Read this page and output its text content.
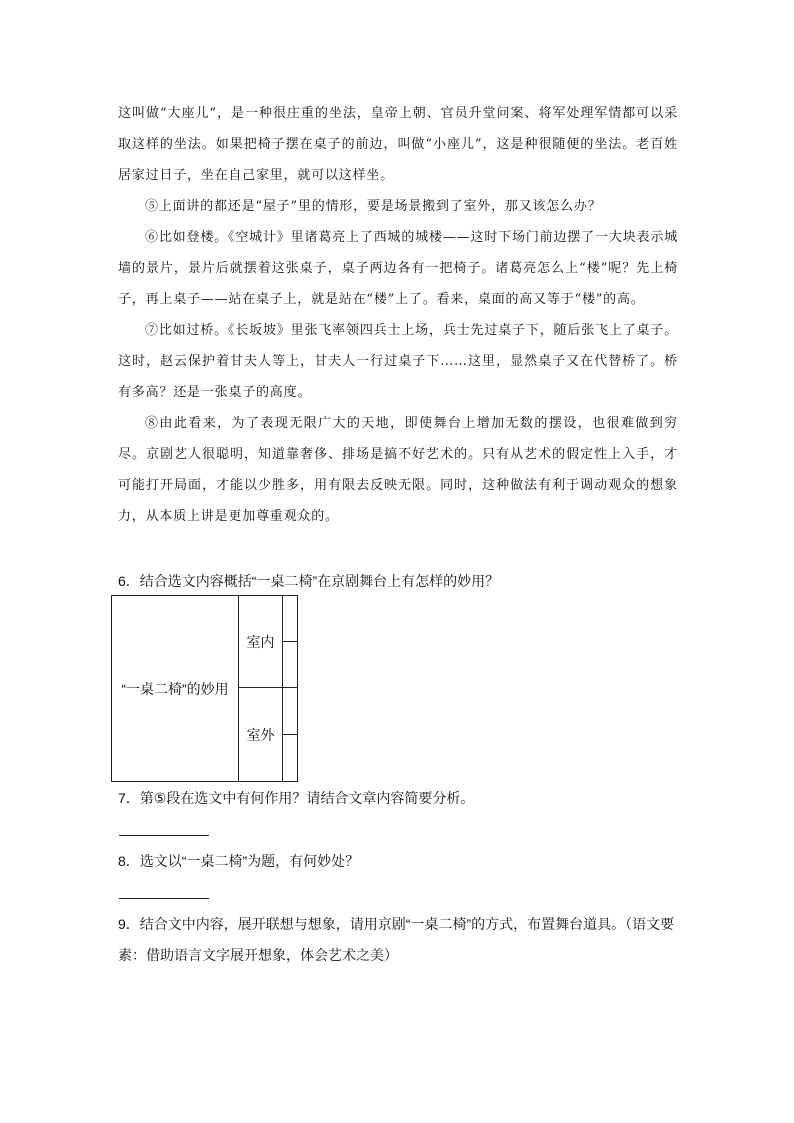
这叫做“大座儿”，是一种很庄重的坐法，皇帝上朝、官员升堂问案、将军处理军情都可以采取这样的坐法。如果把椅子摆在桌子的前边，叫做“小座儿”，这是种很随便的坐法。老百姓居家过日子，坐在自己家里，就可以这样坐。

⑤上面讲的都还是“屋子”里的情形，要是场景搬到了室外，那又该怎么办？

⑥比如登楼。《空城计》里诸葛亮上了西城的城楼——这时下场门前边摆了一大块表示城墙的景片，景片后就摆着这张桌子，桌子两边各有一把椅子。诸葛亮怎么上“楼”呢？先上椅子，再上桌子——站在桌子上，就是站在“楼”上了。看来，桌面的高又等于“楼”的高。

⑦比如过桥。《长坂坡》里张飞率领四兵士上场，兵士先过桌子下，随后张飞上了桌子。这时，赵云保护着甘夫人等上，甘夫人一行过桌子下……这里，显然桌子又在代替桥了。桥有多高？还是一张桌子的高度。

⑧由此看来，为了表现无限广大的天地，即使舞台上增加无数的摆设，也很难做到穷尽。京剧艺人很聪明，知道靠奢侈、排场是搞不好艺术的。只有从艺术的假定性上入手，才可能打开局面，才能以少胜多，用有限去反映无限。同时，这种做法有利于调动观众的想象力，从本质上讲是更加尊重观众的。

6．结合选文内容概括“一桌二椅”在京剧舞台上有怎样的妙用？

“一桌二椅”的妙用
室内
室外

7．第⑤段在选文中有何作用？请结合文章内容简要分析。

8．选文以“一桌二椅”为题，有何妙处？

9．结合文中内容，展开联想与想象，请用京剧“一桌二椅”的方式，布置舞台道具。（语文要素：借助语言文字展开想象，体会艺术之美）
